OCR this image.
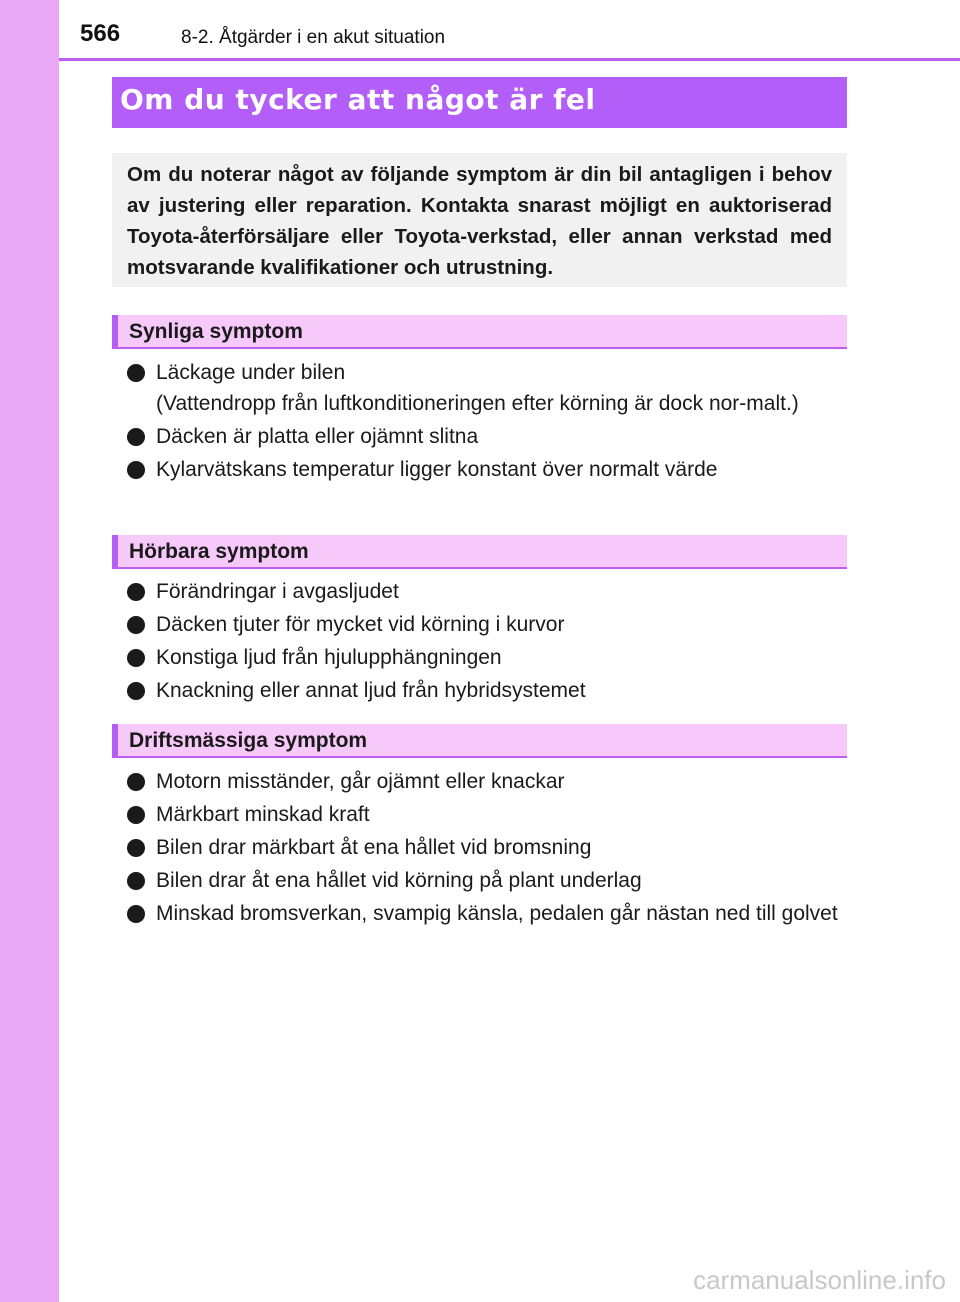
566	8-2. Åtgärder i en akut situation
Om du tycker att något är fel

Om du noterar något av följande symptom är din bil antagligen i behov av justering eller reparation. Kontakta snarast möjligt en auktoriserad Toyota-återförsäljare eller Toyota-verkstad, eller annan verkstad med motsvarande kvalifikationer och utrustning.

Synliga symptom
Läckage under bilen
(Vattendropp från luftkonditioneringen efter körning är dock nor-malt.)
Däcken är platta eller ojämnt slitna
Kylarvätskans temperatur ligger konstant över normalt värde
Hörbara symptom
Förändringar i avgasljudet
Däcken tjuter för mycket vid körning i kurvor
Konstiga ljud från hjulupphängningen
Knackning eller annat ljud från hybridsystemet
Driftsmässiga symptom
Motorn misständer, går ojämnt eller knackar
Märkbart minskad kraft
Bilen drar märkbart åt ena hållet vid bromsning
Bilen drar åt ena hållet vid körning på plant underlag
Minskad bromsverkan, svampig känsla, pedalen går nästan ned till golvet
carmanualsonline.info
